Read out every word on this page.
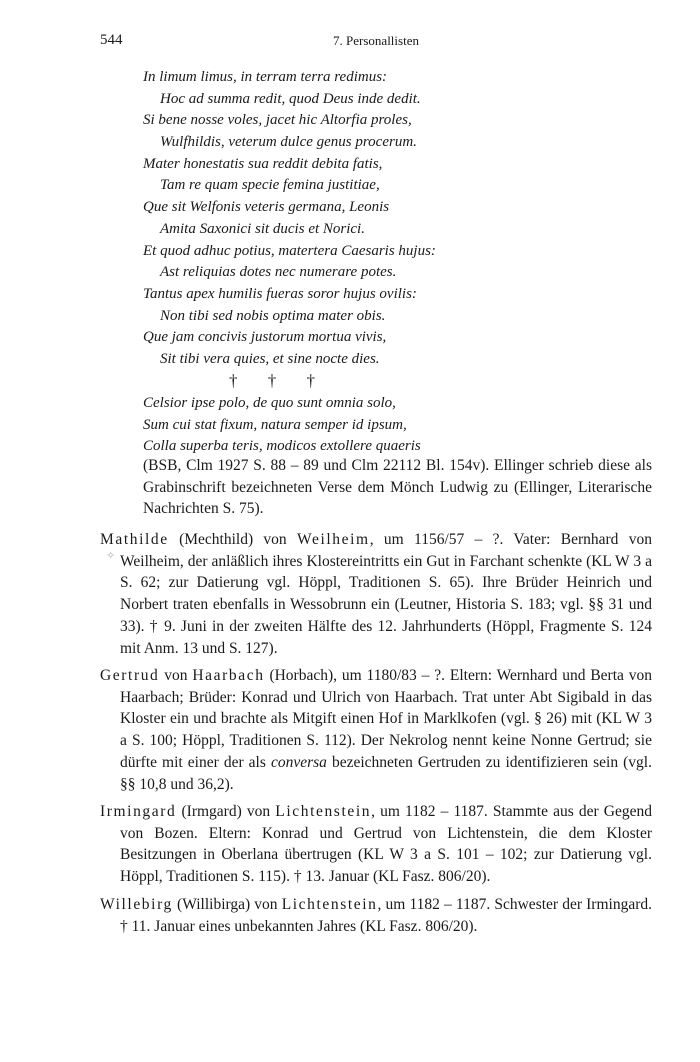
544	7. Personallisten
In limum limus, in terram terra redimus:
Hoc ad summa redit, quod Deus inde dedit.
Si bene nosse voles, jacet hic Altorfia proles,
Wulfhildis, veterum dulce genus procerum.
Mater honestatis sua reddit debita fatis,
Tam re quam specie femina justitiae,
Que sit Welfonis veteris germana, Leonis
Amita Saxonici sit ducis et Norici.
Et quod adhuc potius, matertera Caesaris hujus:
Ast reliquias dotes nec numerare potes.
Tantus apex humilis fueras soror hujus ovilis:
Non tibi sed nobis optima mater obis.
Que jam concivis justorum mortua vivis,
Sit tibi vera quies, et sine nocte dies.
† † †
Celsior ipse polo, de quo sunt omnia solo,
Sum cui stat fixum, natura semper id ipsum,
Colla superba teris, modicos extollere quaeris
(BSB, Clm 1927 S. 88 – 89 und Clm 22112 Bl. 154v). Ellinger schrieb diese als Grabinschrift bezeichneten Verse dem Mönch Ludwig zu (Ellinger, Literarische Nachrichten S. 75).
✧
Mathilde (Mechthild) von Weilheim, um 1156/57 – ?. Vater: Bernhard von Weilheim, der anläßlich ihres Klostereintritts ein Gut in Farchant schenkte (KL W 3 a S. 62; zur Datierung vgl. Höppl, Traditionen S. 65). Ihre Brüder Heinrich und Norbert traten ebenfalls in Wessobrunn ein (Leutner, Historia S. 183; vgl. §§ 31 und 33). † 9. Juni in der zweiten Hälfte des 12. Jahrhunderts (Höppl, Fragmente S. 124 mit Anm. 13 und S. 127).
Gertrud von Haarbach (Horbach), um 1180/83 – ?. Eltern: Wernhard und Berta von Haarbach; Brüder: Konrad und Ulrich von Haarbach. Trat unter Abt Sigibald in das Kloster ein und brachte als Mitgift einen Hof in Marklkofen (vgl. § 26) mit (KL W 3 a S. 100; Höppl, Traditionen S. 112). Der Nekrolog nennt keine Nonne Gertrud; sie dürfte mit einer der als conversa bezeichneten Gertruden zu identifizieren sein (vgl. §§ 10,8 und 36,2).
Irmingard (Irmgard) von Lichtenstein, um 1182 – 1187. Stammte aus der Gegend von Bozen. Eltern: Konrad und Gertrud von Lichtenstein, die dem Kloster Besitzungen in Oberlana übertrugen (KL W 3 a S. 101 – 102; zur Datierung vgl. Höppl, Traditionen S. 115). † 13. Januar (KL Fasz. 806/20).
Willebirg (Willibirga) von Lichtenstein, um 1182 – 1187. Schwester der Irmingard. † 11. Januar eines unbekannten Jahres (KL Fasz. 806/20).
